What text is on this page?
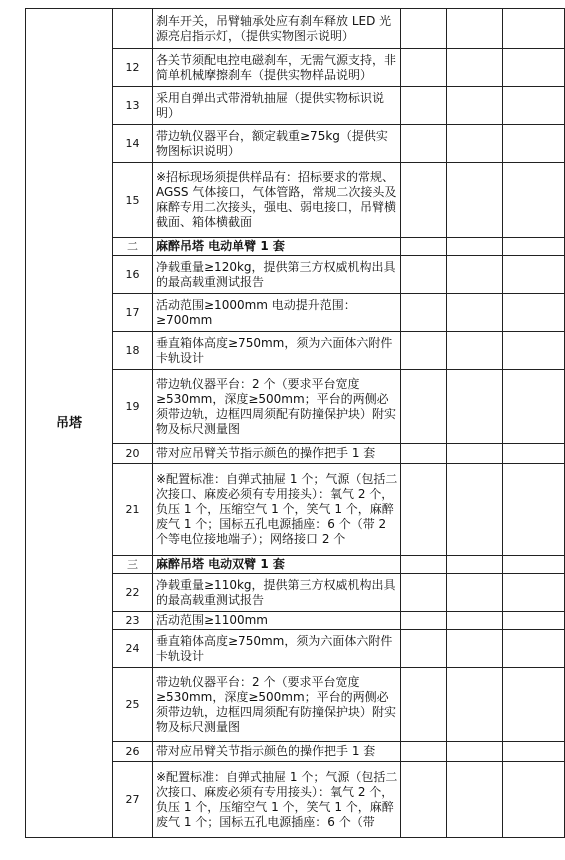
吊塔		刹车开关，吊臂轴承处应有刹车释放 LED 光源亮启指示灯，（提供实物图示说明）			
	12	各关节须配电控电磁刹车，无需气源支持，非简单机械摩擦刹车（提供实物样品说明）			
	13	采用自弹出式带滑轨抽屉（提供实物标识说明）			
	14	带边轨仪器平台，额定载重≥75kg（提供实物图标识说明）			
	15	※招标现场须提供样品有：招标要求的常规、AGSS 气体接口，气体管路，常规二次接头及麻醉专用二次接头，强电、弱电接口，吊臂横截面、箱体横截面			
	二	麻醉吊塔 电动单臂 1 套			
	16	净载重量≥120kg，提供第三方权威机构出具的最高载重测试报告			
	17	活动范围≥1000mm 电动提升范围：≥700mm			
	18	垂直箱体高度≥750mm，须为六面体六附件卡轨设计			
	19	带边轨仪器平台：2 个（要求平台宽度≥530mm，深度≥500mm；平台的两侧必须带边轨，边框四周须配有防撞保护块）附实物及标尺测量图			
	20	带对应吊臂关节指示颜色的操作把手 1 套			
	21	※配置标准：自弹式抽屉 1 个；气源（包括二次接口、麻废必须有专用接头）：氧气 2 个，负压 1 个，压缩空气 1 个，笑气 1 个，麻醉废气 1 个；国标五孔电源插座：6 个（带 2 个等电位接地端子）；网络接口 2 个			
	三	麻醉吊塔 电动双臂 1 套			
	22	净载重量≥110kg，提供第三方权威机构出具的最高载重测试报告			
	23	活动范围≥1100mm			
	24	垂直箱体高度≥750mm，须为六面体六附件卡轨设计			
	25	带边轨仪器平台：2 个（要求平台宽度≥530mm，深度≥500mm；平台的两侧必须带边轨，边框四周须配有防撞保护块）附实物及标尺测量图			
	26	带对应吊臂关节指示颜色的操作把手 1 套			
	27	※配置标准：自弹式抽屉 1 个；气源（包括二次接口、麻废必须有专用接头）：氧气 2 个，负压 1 个，压缩空气 1 个，笑气 1 个，麻醉废气 1 个；国标五孔电源插座：6 个（带			
